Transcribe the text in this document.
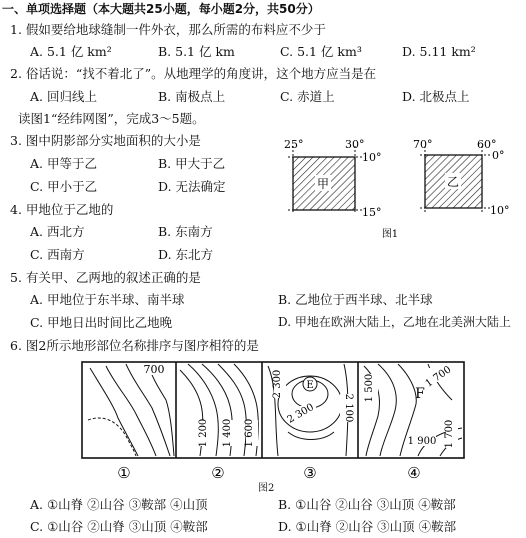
一、单项选择题（本大题共25小题，每小题2分，共50分）
1. 假如要给地球缝制一件外衣，那么所需的布料应不少于
A. 5.1 亿 km²	B. 5.1 亿 km	C. 5.1 亿 km³	D. 5.11 km²
2. 俗话说：“找不着北了”。从地理学的角度讲，这个地方应当是在
A. 回归线上	B. 南极点上	C. 赤道上	D. 北极点上
读图1“经纬网图”，完成3～5题。
3. 图中阴影部分实地面积的大小是
A. 甲等于乙	B. 甲大于乙
C. 甲小于乙	D. 无法确定
4. 甲地位于乙地的
A. 西北方	B. 东南方
C. 西南方	D. 东北方
5. 有关甲、乙两地的叙述正确的是
A. 甲地位于东半球、南半球	B. 乙地位于西半球、北半球
C. 甲地日出时间比乙地晚	D. 甲地在欧洲大陆上，乙地在北美洲大陆上
6. 图2所示地形部位名称排序与图序相符的是
甲
25°	30°
10°
15°
乙
70°	60°
0°
10°
图1
700
1 200 1 400 1 600
E
2 300
2 300	2 100	F
1 500	1 700
1 900 1 700
①	②	③	④
图2
A. ①山脊 ②山谷 ③鞍部 ④山顶	B. ①山谷 ②山谷 ③山顶 ④鞍部
C. ①山谷 ②山脊 ③山顶 ④鞍部	D. ①山脊 ②山谷 ③山顶 ④鞍部
